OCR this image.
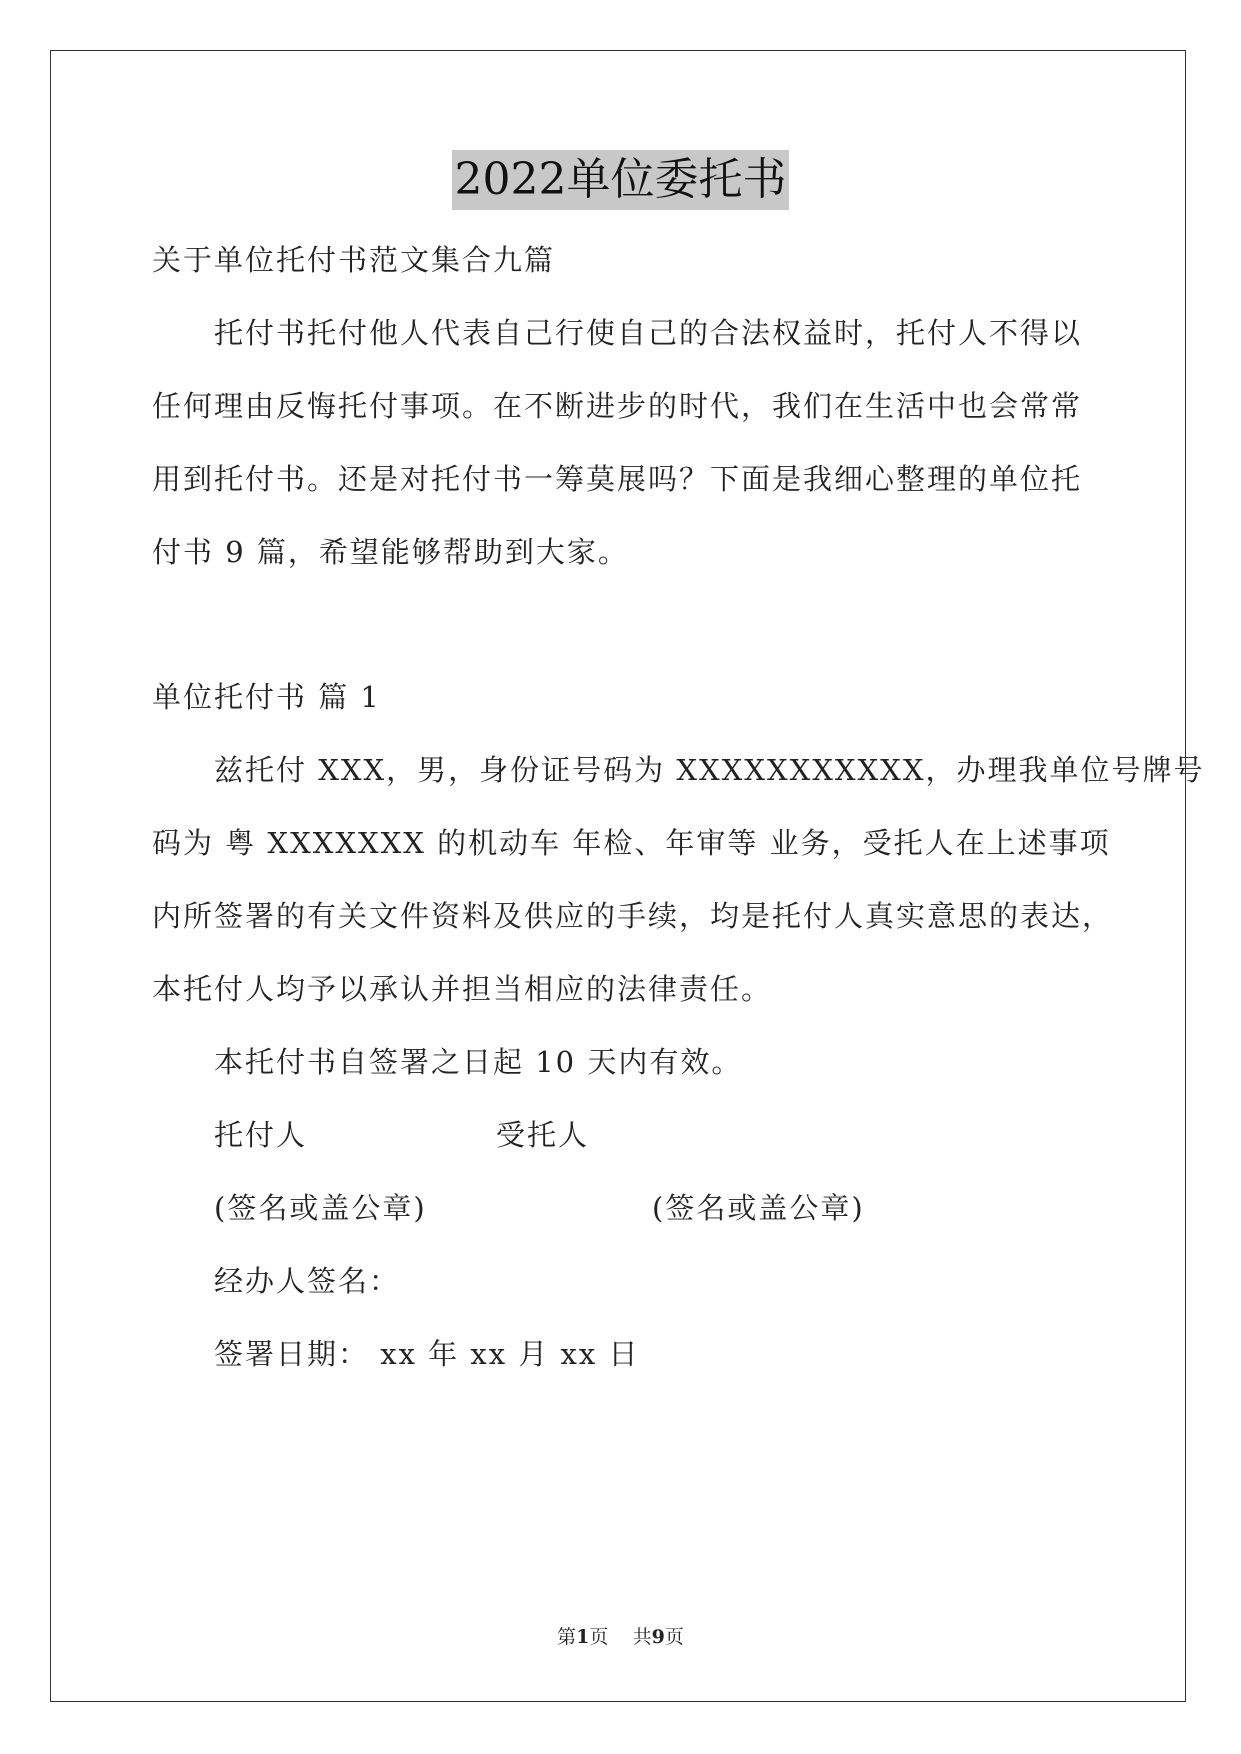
2022单位委托书
关于单位托付书范文集合九篇
托付书托付他人代表自己行使自己的合法权益时，托付人不得以
任何理由反悔托付事项。在不断进步的时代，我们在生活中也会常常
用到托付书。还是对托付书一筹莫展吗？下面是我细心整理的单位托
付书 9 篇，希望能够帮助到大家。
单位托付书 篇 1
兹托付 XXX，男，身份证号码为 XXXXXXXXXXX，办理我单位号牌号
码为 粤 XXXXXXX 的机动车 年检、年审等 业务，受托人在上述事项
内所签署的有关文件资料及供应的手续，均是托付人真实意思的表达，
本托付人均予以承认并担当相应的法律责任。
本托付书自签署之日起 10 天内有效。
托付人	受托人
(签名或盖公章)	(签名或盖公章)
经办人签名：
签署日期： xx 年 xx 月 xx 日
第1页    共9页
